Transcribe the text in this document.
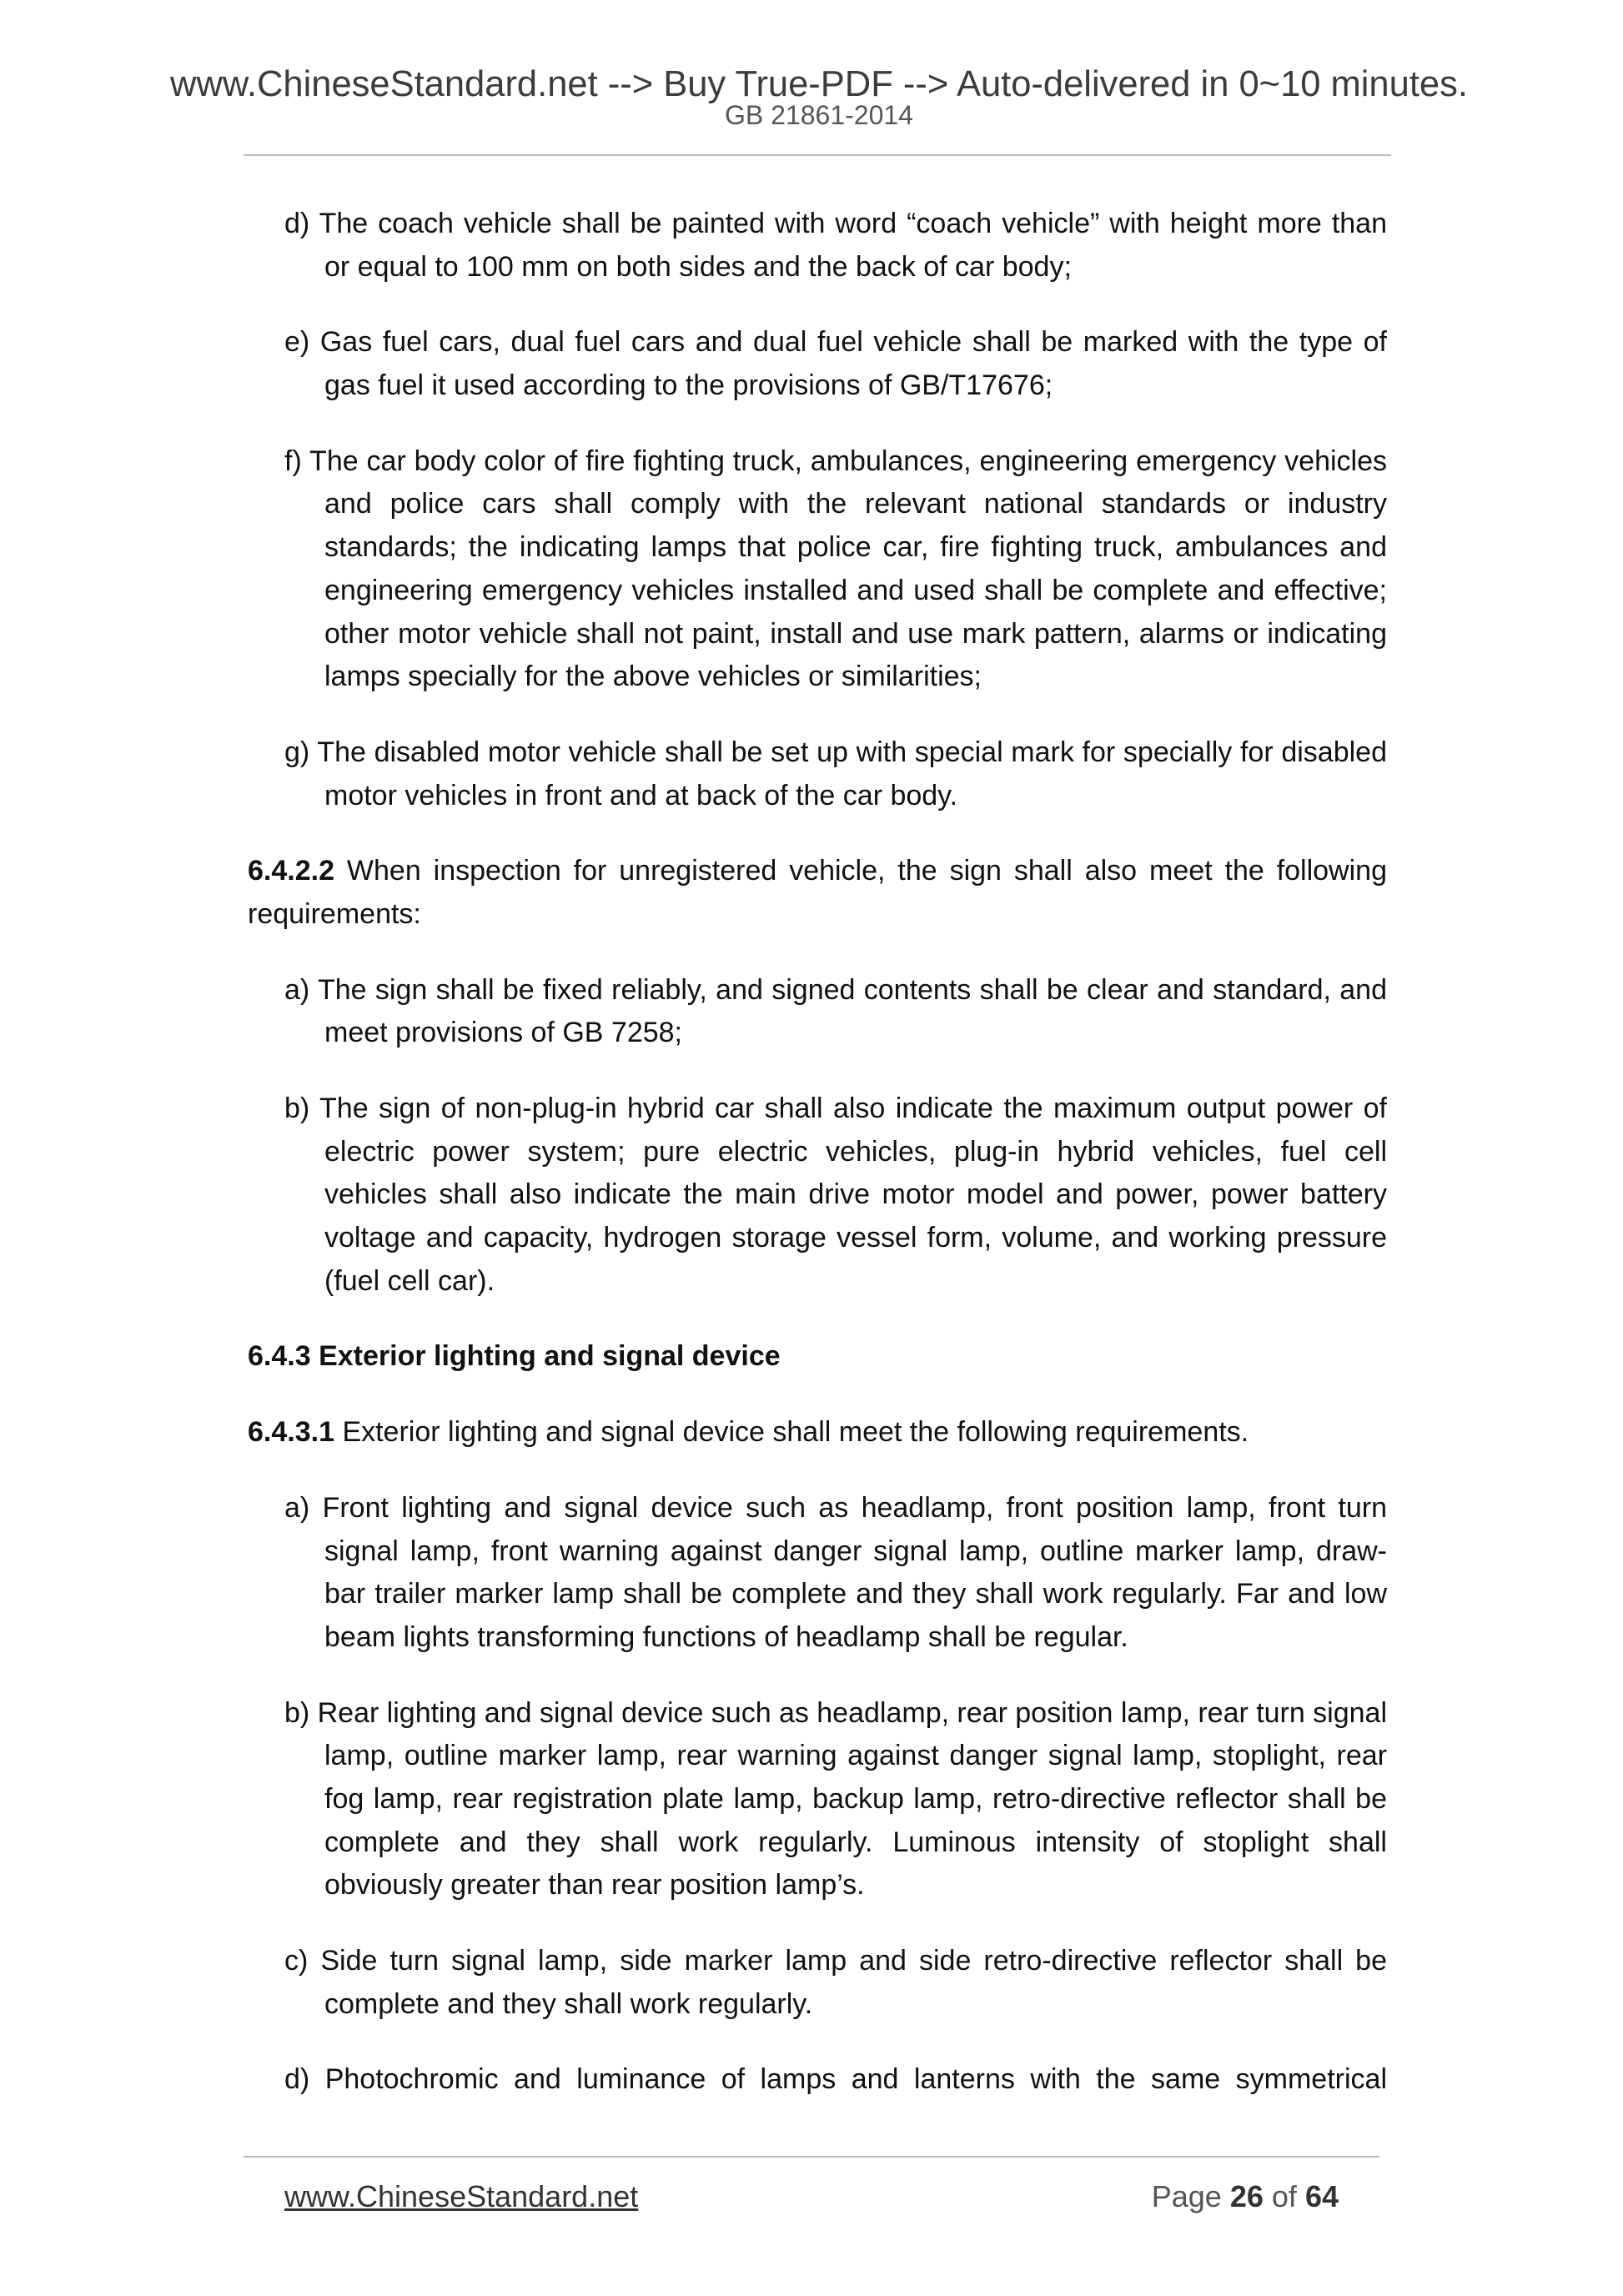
www.ChineseStandard.net --> Buy True-PDF --> Auto-delivered in 0~10 minutes.
GB 21861-2014
d) The coach vehicle shall be painted with word “coach vehicle” with height more than
or equal to 100 mm on both sides and the back of car body;
e) Gas fuel cars, dual fuel cars and dual fuel vehicle shall be marked with the type of
gas fuel it used according to the provisions of GB/T17676;
f) The car body color of fire fighting truck, ambulances, engineering emergency vehicles
and police cars shall comply with the relevant national standards or industry
standards; the indicating lamps that police car, fire fighting truck, ambulances and
engineering emergency vehicles installed and used shall be complete and effective;
other motor vehicle shall not paint, install and use mark pattern, alarms or indicating
lamps specially for the above vehicles or similarities;
g) The disabled motor vehicle shall be set up with special mark for specially for disabled
motor vehicles in front and at back of the car body.
6.4.2.2 When inspection for unregistered vehicle, the sign shall also meet the following
requirements:
a) The sign shall be fixed reliably, and signed contents shall be clear and standard, and
meet provisions of GB 7258;
b) The sign of non-plug-in hybrid car shall also indicate the maximum output power of
electric power system; pure electric vehicles, plug-in hybrid vehicles, fuel cell
vehicles shall also indicate the main drive motor model and power, power battery
voltage and capacity, hydrogen storage vessel form, volume, and working pressure
(fuel cell car).
6.4.3 Exterior lighting and signal device
6.4.3.1 Exterior lighting and signal device shall meet the following requirements.
a) Front lighting and signal device such as headlamp, front position lamp, front turn
signal lamp, front warning against danger signal lamp, outline marker lamp, draw-
bar trailer marker lamp shall be complete and they shall work regularly. Far and low
beam lights transforming functions of headlamp shall be regular.
b) Rear lighting and signal device such as headlamp, rear position lamp, rear turn signal
lamp, outline marker lamp, rear warning against danger signal lamp, stoplight, rear
fog lamp, rear registration plate lamp, backup lamp, retro-directive reflector shall be
complete and they shall work regularly. Luminous intensity of stoplight shall
obviously greater than rear position lamp’s.
c) Side turn signal lamp, side marker lamp and side retro-directive reflector shall be
complete and they shall work regularly.
d) Photochromic and luminance of lamps and lanterns with the same symmetrical
www.ChineseStandard.net	Page 26 of 64
